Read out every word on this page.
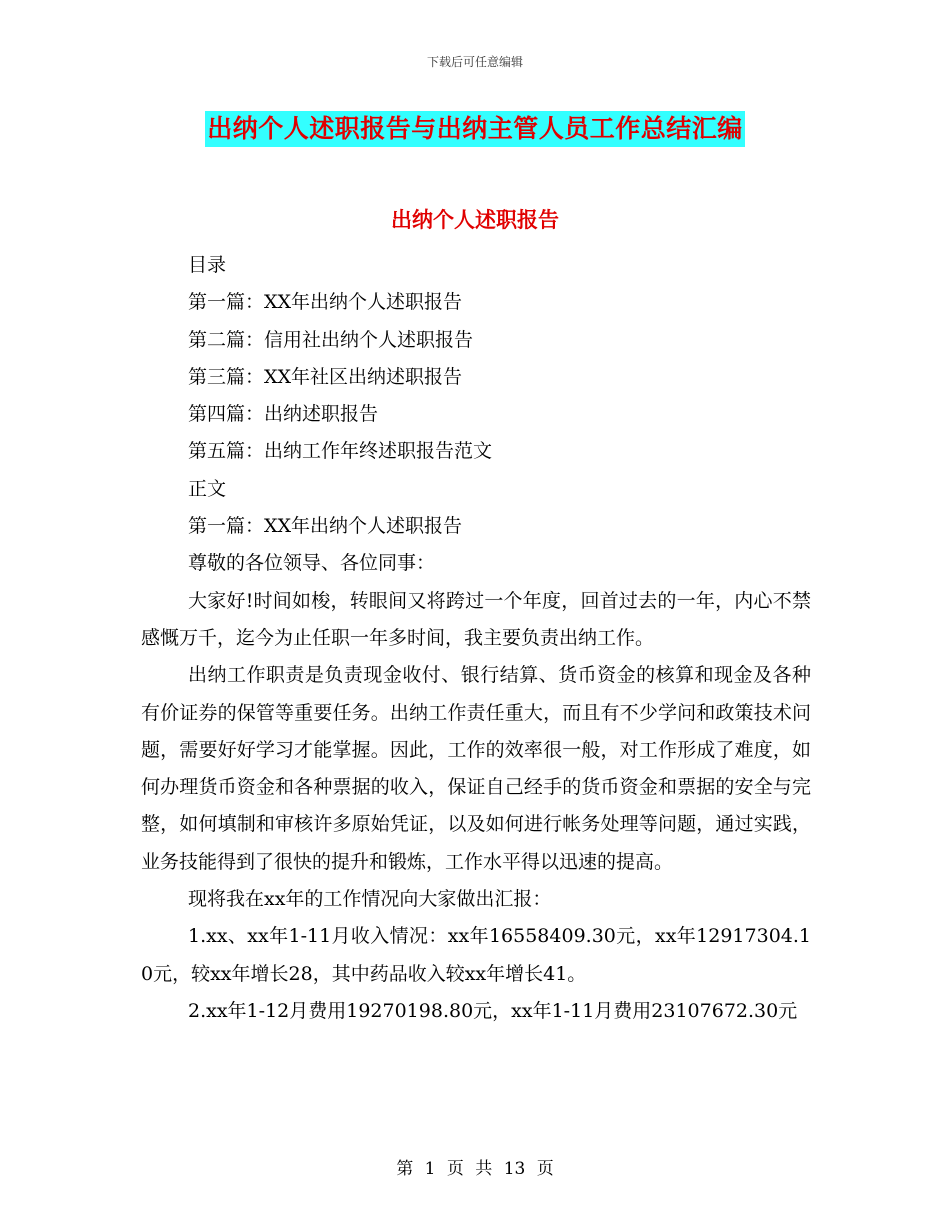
下载后可任意编辑
出纳个人述职报告与出纳主管人员工作总结汇编
出纳个人述职报告
目录
第一篇：XX年出纳个人述职报告
第二篇：信用社出纳个人述职报告
第三篇：XX年社区出纳述职报告
第四篇：出纳述职报告
第五篇：出纳工作年终述职报告范文
正文
第一篇：XX年出纳个人述职报告
尊敬的各位领导、各位同事：
大家好!时间如梭，转眼间又将跨过一个年度，回首过去的一年，内心不禁感慨万千，迄今为止任职一年多时间，我主要负责出纳工作。
出纳工作职责是负责现金收付、银行结算、货币资金的核算和现金及各种有价证券的保管等重要任务。出纳工作责任重大，而且有不少学问和政策技术问题，需要好好学习才能掌握。因此，工作的效率很一般，对工作形成了难度，如何办理货币资金和各种票据的收入，保证自己经手的货币资金和票据的安全与完整，如何填制和审核许多原始凭证，以及如何进行帐务处理等问题，通过实践，业务技能得到了很快的提升和锻炼，工作水平得以迅速的提高。
现将我在xx年的工作情况向大家做出汇报：
1.xx、xx年1-11月收入情况：xx年16558409.30元，xx年12917304.10元，较xx年增长28，其中药品收入较xx年增长41。
2.xx年1-12月费用19270198.80元，xx年1-11月费用23107672.30元
第 1 页 共 13 页
